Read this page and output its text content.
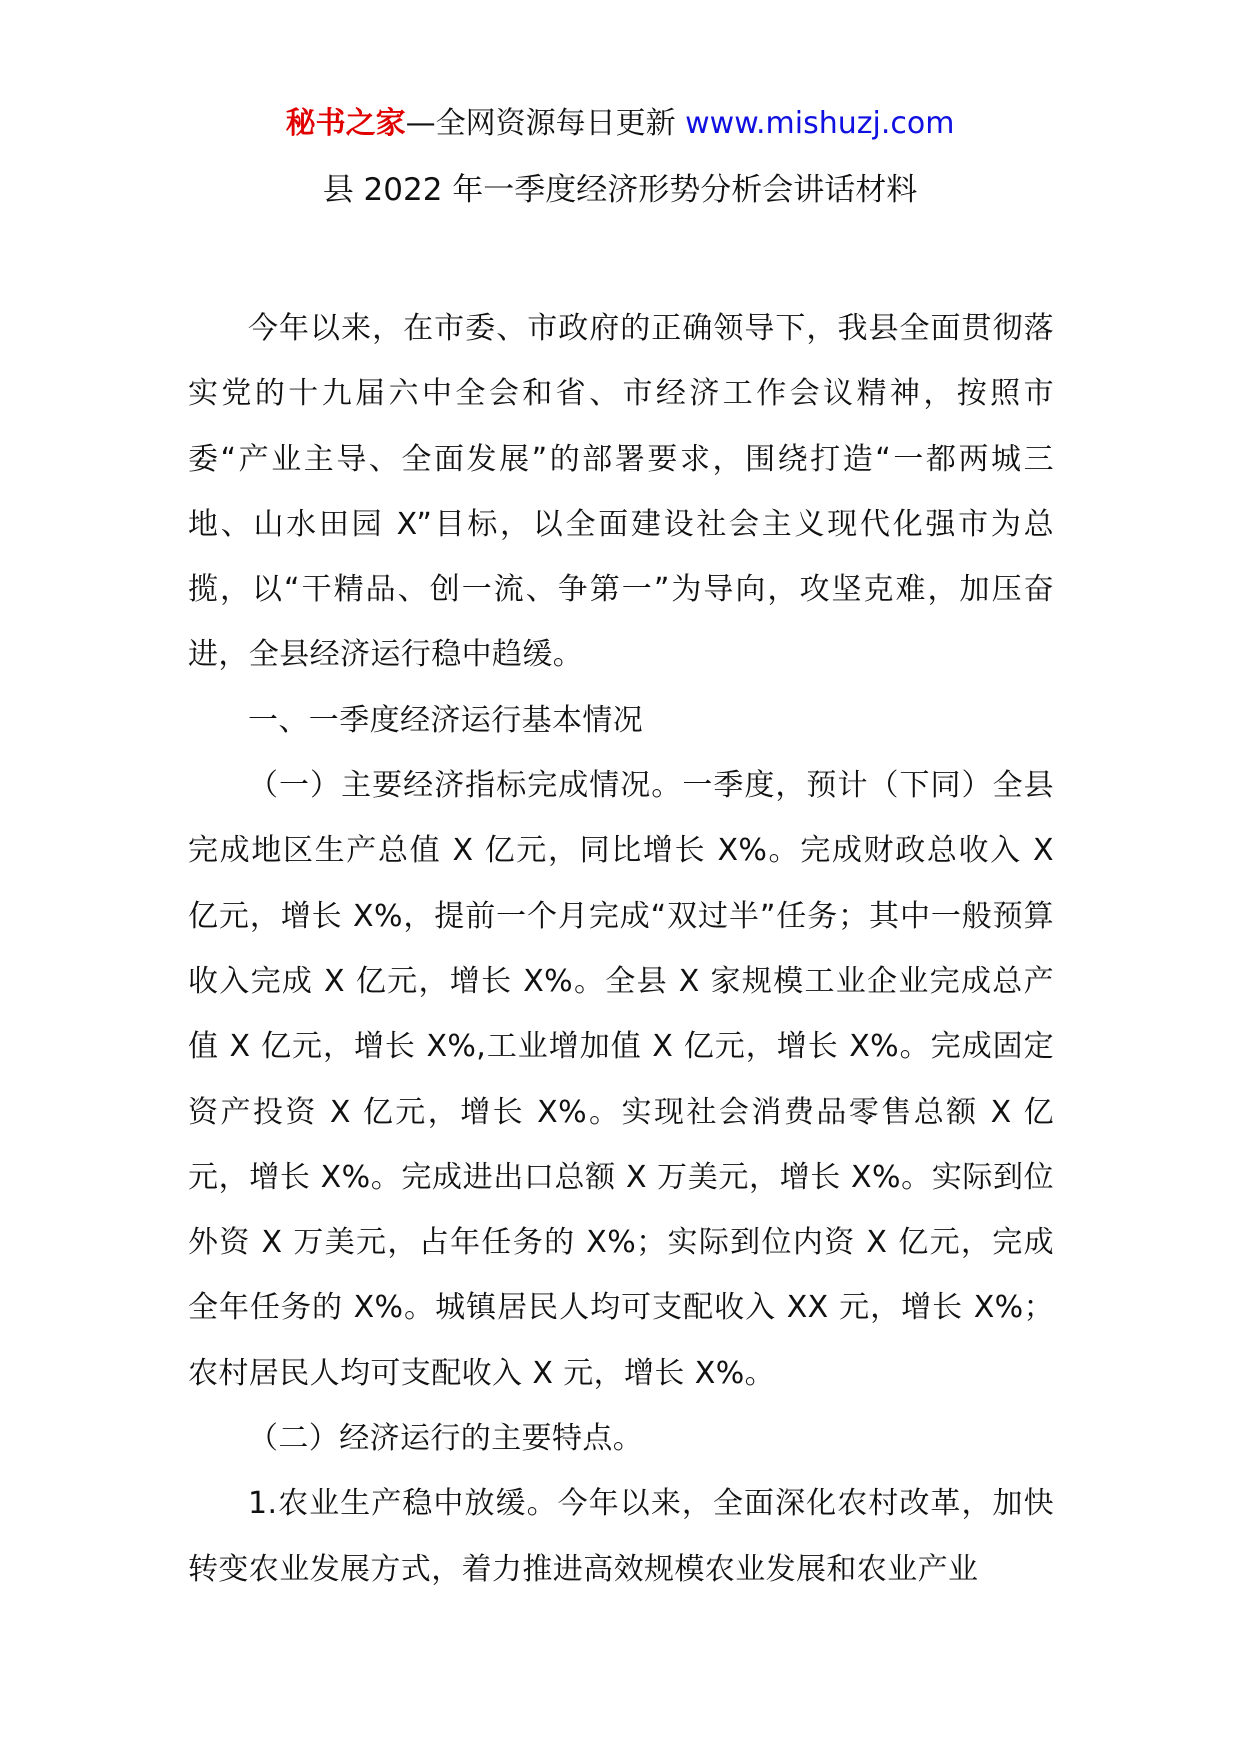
秘书之家—全网资源每日更新 www.mishuzj.com
县 2022 年一季度经济形势分析会讲话材料

今年以来，在市委、市政府的正确领导下，我县全面贯彻落实党的十九届六中全会和省、市经济工作会议精神，按照市委“产业主导、全面发展”的部署要求，围绕打造“一都两城三地、山水田园 X”目标，以全面建设社会主义现代化强市为总揽，以“干精品、创一流、争第一”为导向，攻坚克难，加压奋进，全县经济运行稳中趋缓。

一、一季度经济运行基本情况

（一）主要经济指标完成情况。一季度，预计（下同）全县完成地区生产总值 X 亿元，同比增长 X%。完成财政总收入 X 亿元，增长 X%，提前一个月完成“双过半”任务；其中一般预算收入完成 X 亿元，增长 X%。全县 X 家规模工业企业完成总产值 X 亿元，增长 X%,工业增加值 X 亿元，增长 X%。完成固定资产投资 X 亿元，增长 X%。实现社会消费品零售总额 X 亿元，增长 X%。完成进出口总额 X 万美元，增长 X%。实际到位外资 X 万美元，占年任务的 X%；实际到位内资 X 亿元，完成全年任务的 X%。城镇居民人均可支配收入 XX 元，增长 X%；农村居民人均可支配收入 X 元，增长 X%。

（二）经济运行的主要特点。

1.农业生产稳中放缓。今年以来，全面深化农村改革，加快转变农业发展方式，着力推进高效规模农业发展和农业产业
